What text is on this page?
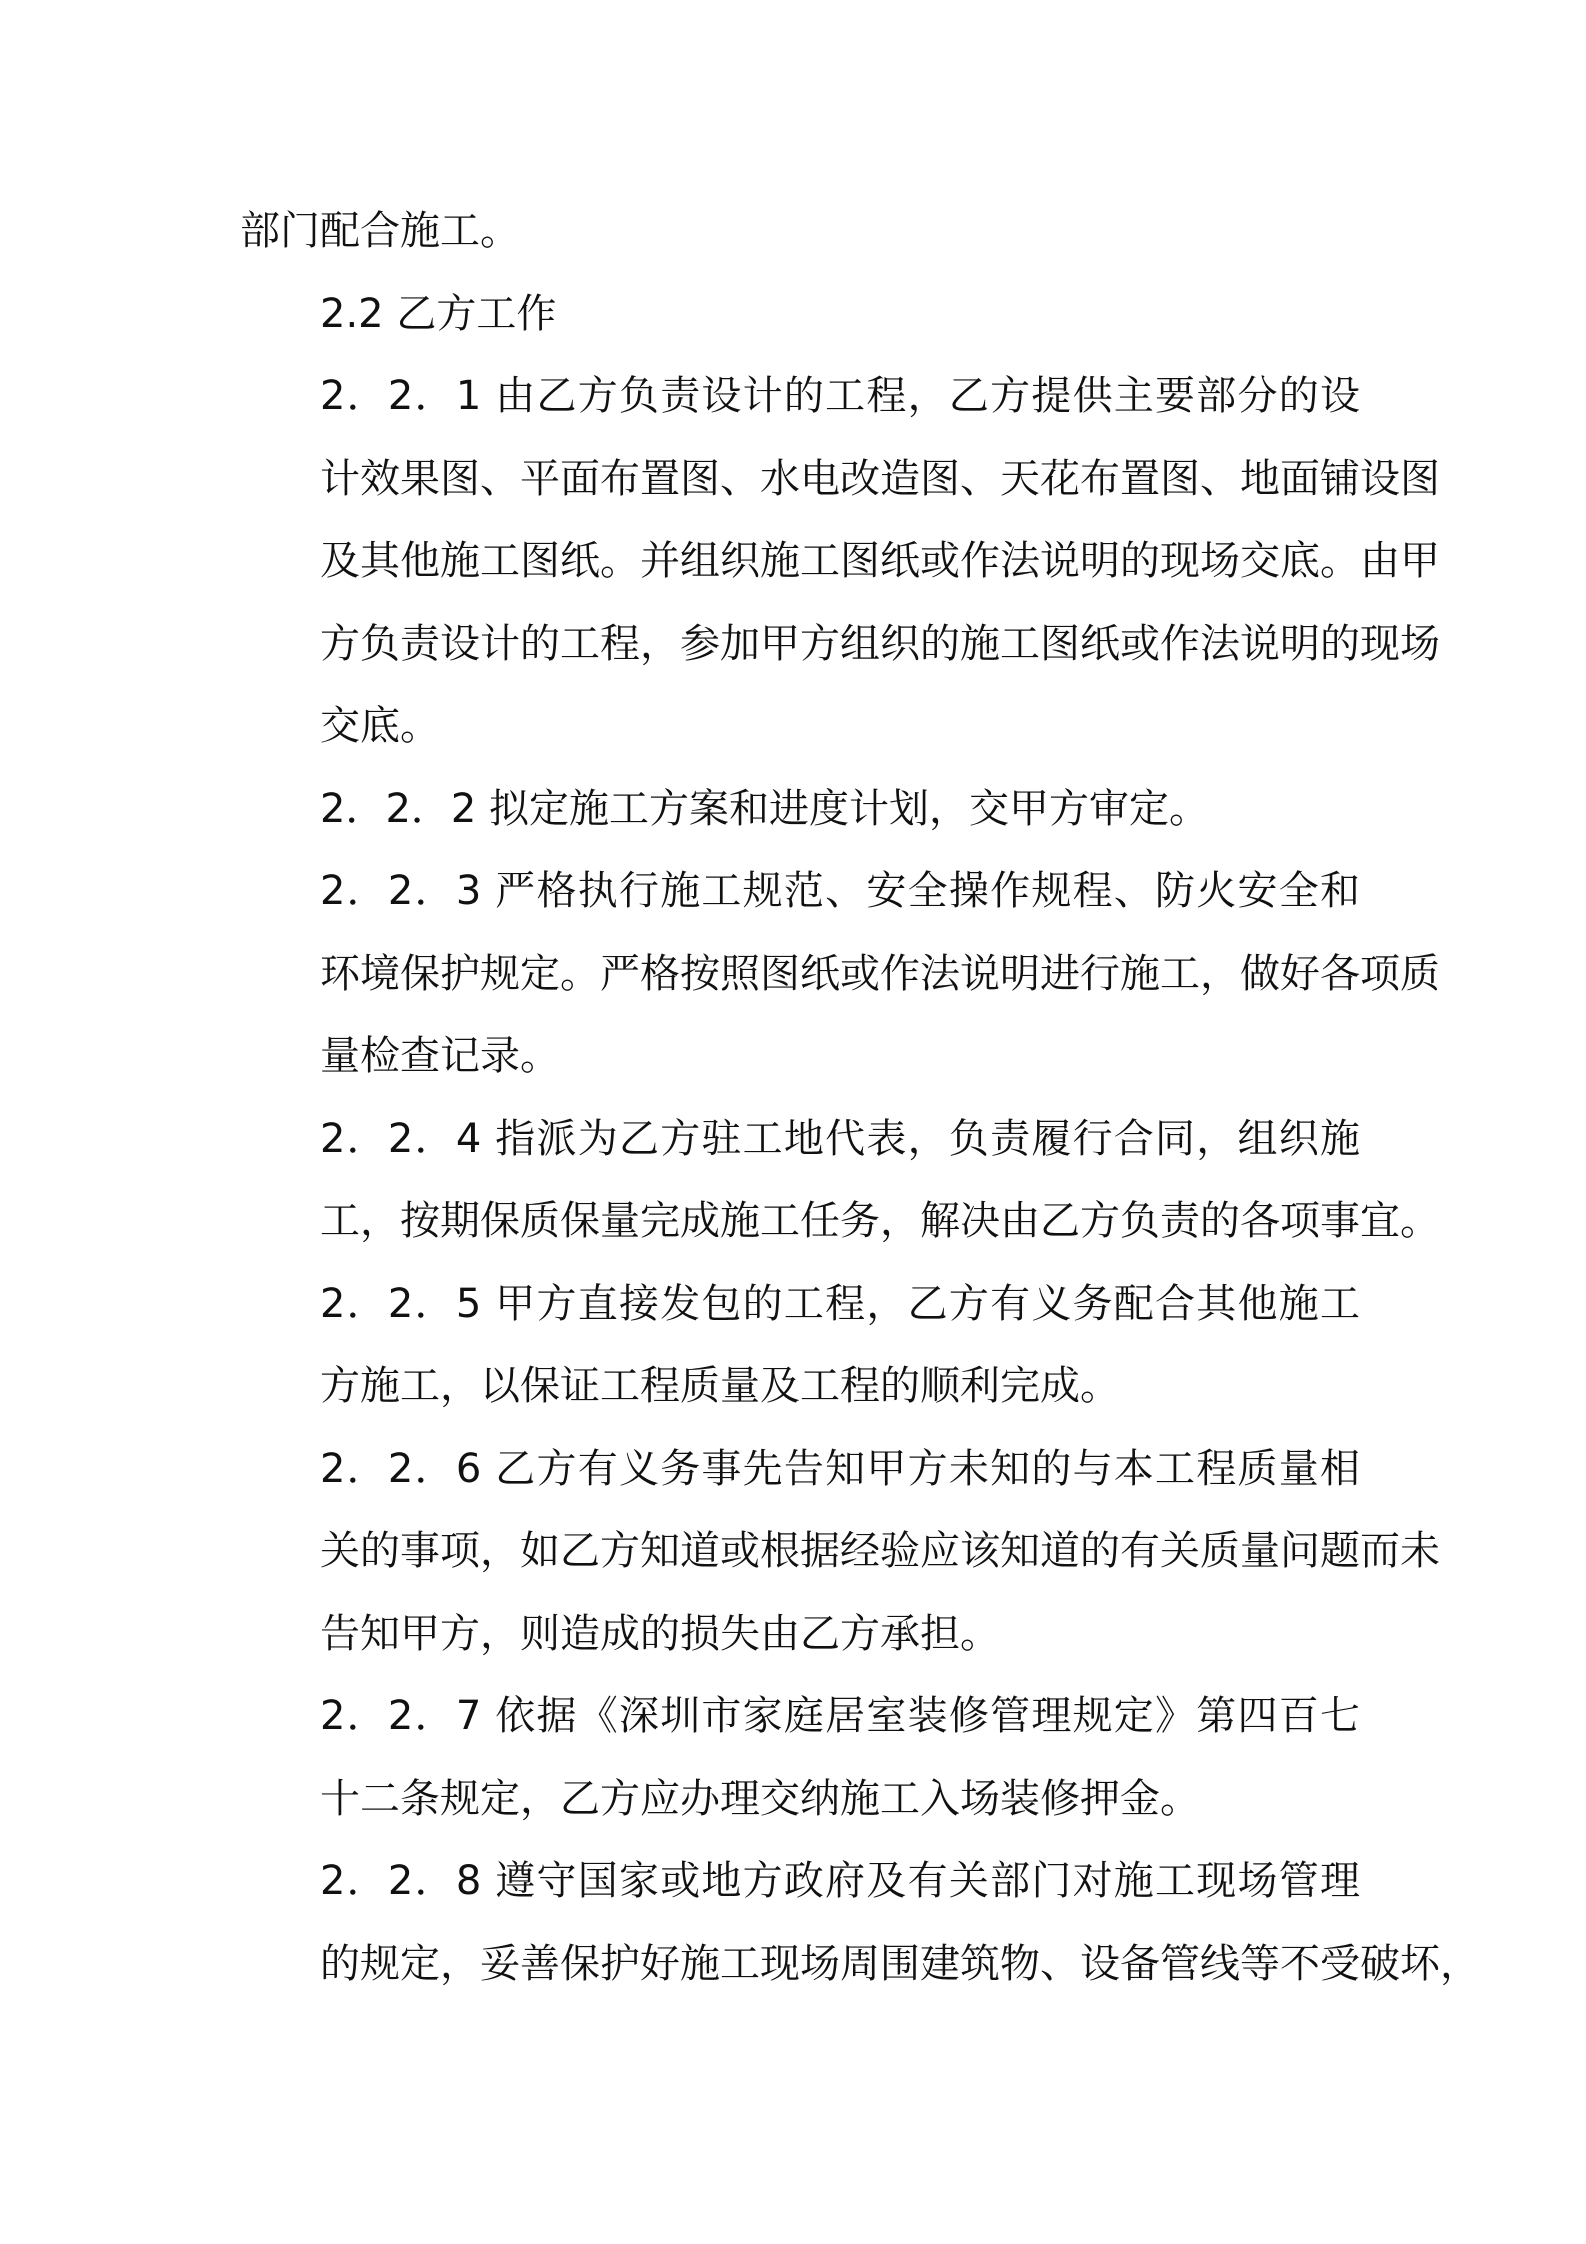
部门配合施工。
2.2 乙方工作
2．2．1 由乙方负责设计的工程，乙方提供主要部分的设
计效果图、平面布置图、水电改造图、天花布置图、地面铺设图
及其他施工图纸。并组织施工图纸或作法说明的现场交底。由甲
方负责设计的工程，参加甲方组织的施工图纸或作法说明的现场
交底。
2．2．2 拟定施工方案和进度计划，交甲方审定。
2．2．3 严格执行施工规范、安全操作规程、防火安全和
环境保护规定。严格按照图纸或作法说明进行施工，做好各项质
量检查记录。
2．2．4 指派为乙方驻工地代表，负责履行合同，组织施
工，按期保质保量完成施工任务，解决由乙方负责的各项事宜。
2．2．5 甲方直接发包的工程，乙方有义务配合其他施工
方施工，以保证工程质量及工程的顺利完成。
2．2．6 乙方有义务事先告知甲方未知的与本工程质量相
关的事项，如乙方知道或根据经验应该知道的有关质量问题而未
告知甲方，则造成的损失由乙方承担。
2．2．7 依据《深圳市家庭居室装修管理规定》第四百七
十二条规定，乙方应办理交纳施工入场装修押金。
2．2．8 遵守国家或地方政府及有关部门对施工现场管理
的规定，妥善保护好施工现场周围建筑物、设备管线等不受破坏，
